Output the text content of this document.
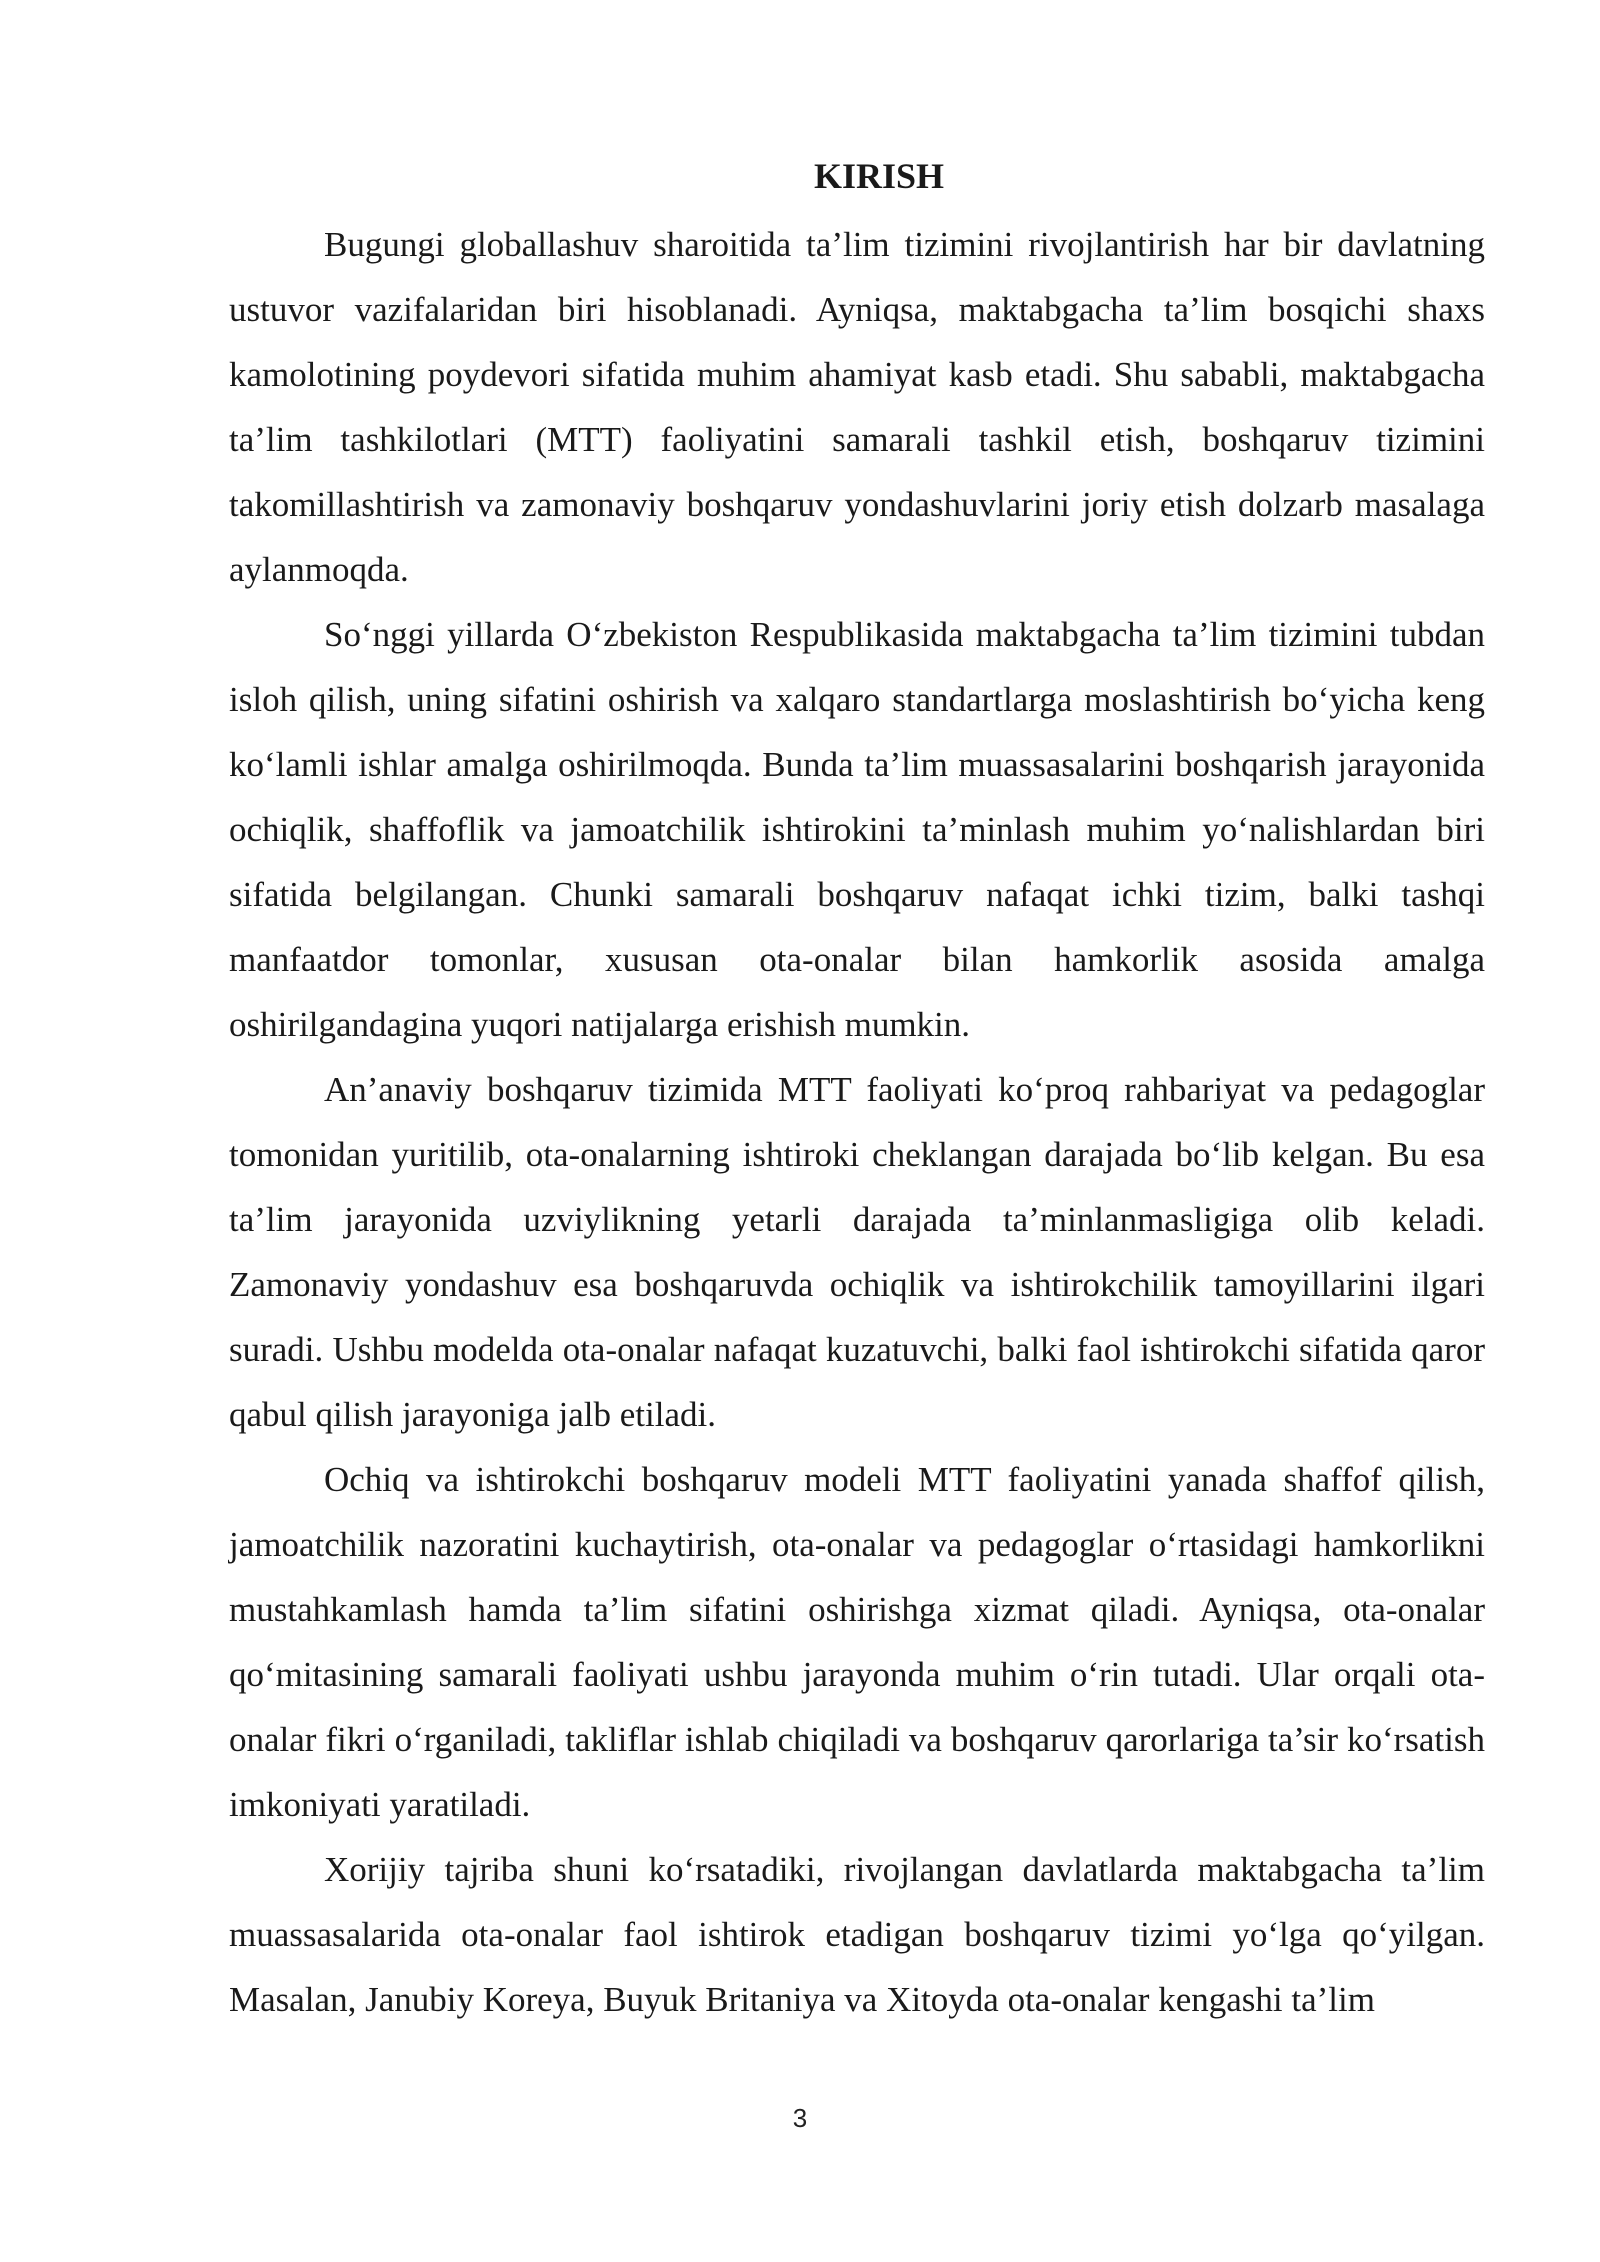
KIRISH

Bugungi globallashuv sharoitida ta’lim tizimini rivojlantirish har bir davlatning ustuvor vazifalaridan biri hisoblanadi. Ayniqsa, maktabgacha ta’lim bosqichi shaxs kamolotining poydevori sifatida muhim ahamiyat kasb etadi. Shu sababli, maktabgacha ta’lim tashkilotlari (MTT) faoliyatini samarali tashkil etish, boshqaruv tizimini takomillashtirish va zamonaviy boshqaruv yondashuvlarini joriy etish dolzarb masalaga aylanmoqda.

So‘nggi yillarda O‘zbekiston Respublikasida maktabgacha ta’lim tizimini tubdan isloh qilish, uning sifatini oshirish va xalqaro standartlarga moslashtirish bo‘yicha keng ko‘lamli ishlar amalga oshirilmoqda. Bunda ta’lim muassasalarini boshqarish jarayonida ochiqlik, shaffoflik va jamoatchilik ishtirokini ta’minlash muhim yo‘nalishlardan biri sifatida belgilangan. Chunki samarali boshqaruv nafaqat ichki tizim, balki tashqi manfaatdor tomonlar, xususan ota-onalar bilan hamkorlik asosida amalga oshirilgandagina yuqori natijalarga erishish mumkin.

An’anaviy boshqaruv tizimida MTT faoliyati ko‘proq rahbariyat va pedagoglar tomonidan yuritilib, ota-onalarning ishtiroki cheklangan darajada bo‘lib kelgan. Bu esa ta’lim jarayonida uzviylikning yetarli darajada ta’minlanmasligiga olib keladi. Zamonaviy yondashuv esa boshqaruvda ochiqlik va ishtirokchilik tamoyillarini ilgari suradi. Ushbu modelda ota-onalar nafaqat kuzatuvchi, balki faol ishtirokchi sifatida qaror qabul qilish jarayoniga jalb etiladi.

Ochiq va ishtirokchi boshqaruv modeli MTT faoliyatini yanada shaffof qilish, jamoatchilik nazoratini kuchaytirish, ota-onalar va pedagoglar o‘rtasidagi hamkorlikni mustahkamlash hamda ta’lim sifatini oshirishga xizmat qiladi. Ayniqsa, ota-onalar qo‘mitasining samarali faoliyati ushbu jarayonda muhim o‘rin tutadi. Ular orqali ota-onalar fikri o‘rganiladi, takliflar ishlab chiqiladi va boshqaruv qarorlariga ta’sir ko‘rsatish imkoniyati yaratiladi.

Xorijiy tajriba shuni ko‘rsatadiki, rivojlangan davlatlarda maktabgacha ta’lim muassasalarida ota-onalar faol ishtirok etadigan boshqaruv tizimi yo‘lga qo‘yilgan. Masalan, Janubiy Koreya, Buyuk Britaniya va Xitoyda ota-onalar kengashi ta’lim

3
